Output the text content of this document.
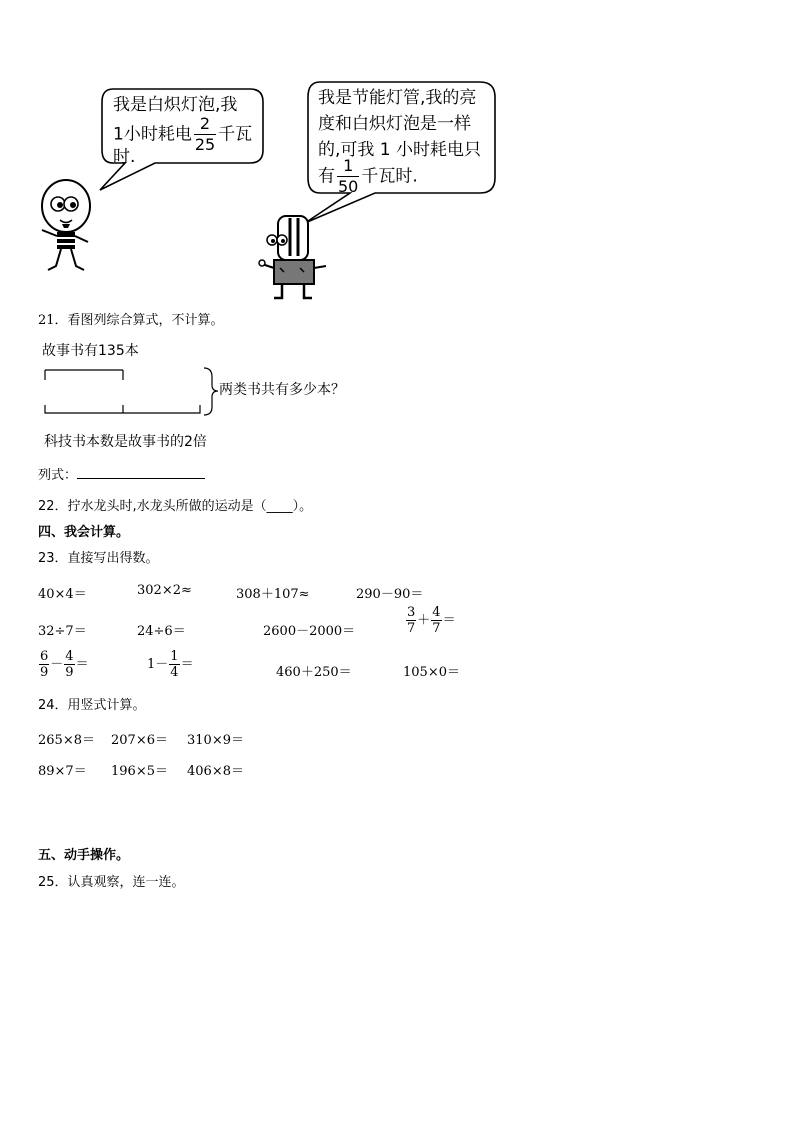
我是白炽灯泡,我
1小时耗电 $\frac{2}{25}$ 千瓦
时.
我是节能灯管,我的亮
度和白炽灯泡是一样
的,可我 1 小时耗电只
有 $\frac{1}{50}$ 千瓦时.
21．看图列综合算式，不计算。
故事书有135本
两类书共有多少本？
科技书本数是故事书的2倍
列式：
22．拧水龙头时,水龙头所做的运动是（____）。
四、我会计算。
23．直接写出得数。
40×4＝	302×2≈	308＋107≈	290－90＝
32÷7＝	24÷6＝	2600－2000＝	$\frac{3}{7} + \frac{4}{7}$ ＝
$\frac{6}{9} - \frac{4}{9}$ ＝	$1- \frac{1}{4}$ ＝
460＋250＝	105×0＝
24．用竖式计算。
265×8＝ 207×6＝ 310×9＝
89×7＝ 196×5＝ 406×8＝
五、动手操作。
25．认真观察，连一连。
